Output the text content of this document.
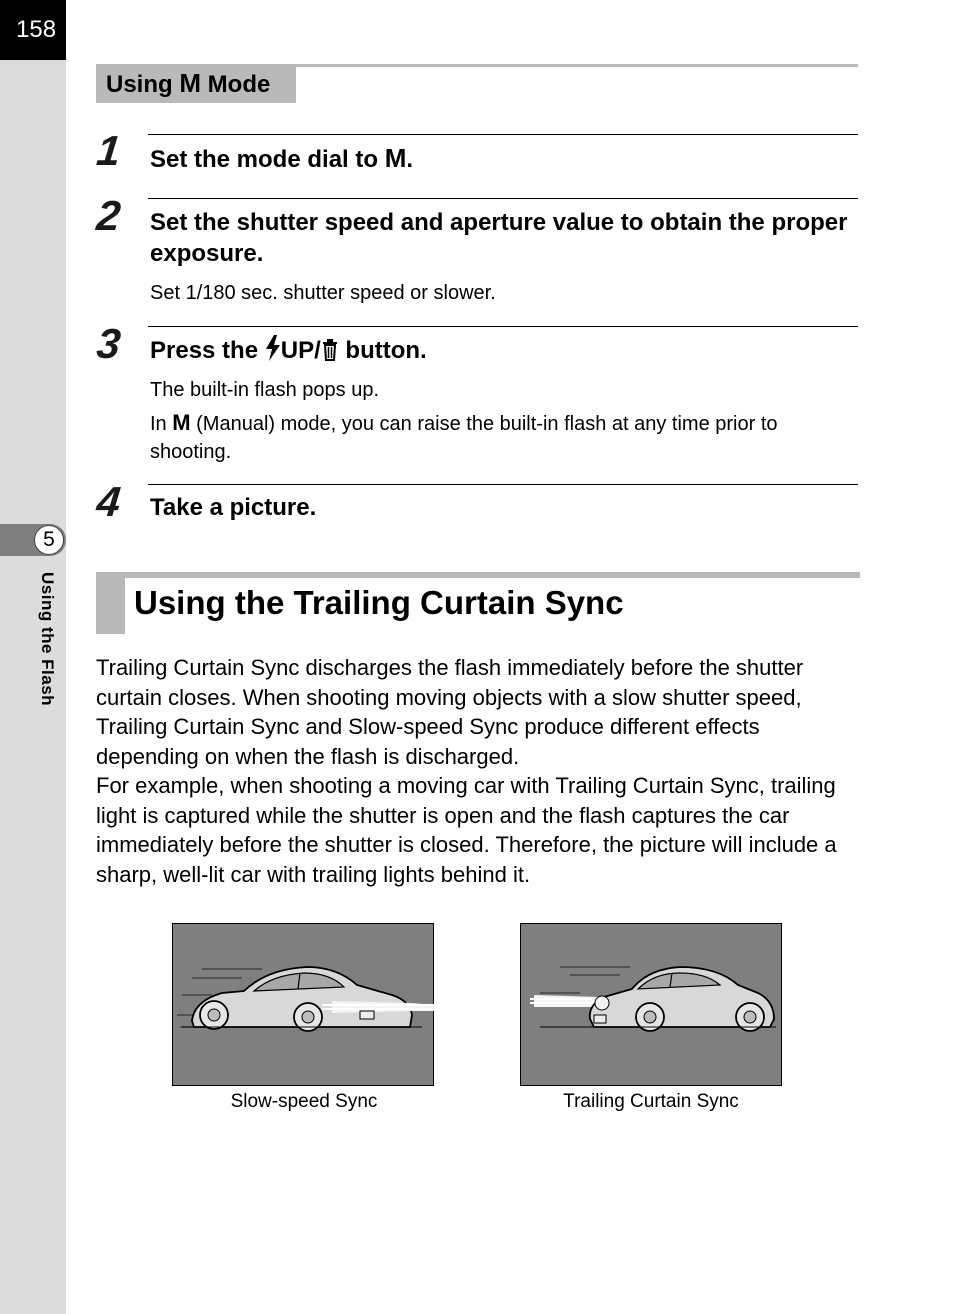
158
5
Using the Flash
Using M Mode
1 Set the mode dial to M.
2 Set the shutter speed and aperture value to obtain the proper exposure.
Set 1/180 sec. shutter speed or slower.
3 Press the UP/ button.
The built-in flash pops up.
In M (Manual) mode, you can raise the built-in flash at any time prior to shooting.
4 Take a picture.
Using the Trailing Curtain Sync

Trailing Curtain Sync discharges the flash immediately before the shutter curtain closes. When shooting moving objects with a slow shutter speed, Trailing Curtain Sync and Slow-speed Sync produce different effects depending on when the flash is discharged.

For example, when shooting a moving car with Trailing Curtain Sync, trailing light is captured while the shutter is open and the flash captures the car immediately before the shutter is closed. Therefore, the picture will include a sharp, well-lit car with trailing lights behind it.

Slow-speed Sync	Trailing Curtain Sync
